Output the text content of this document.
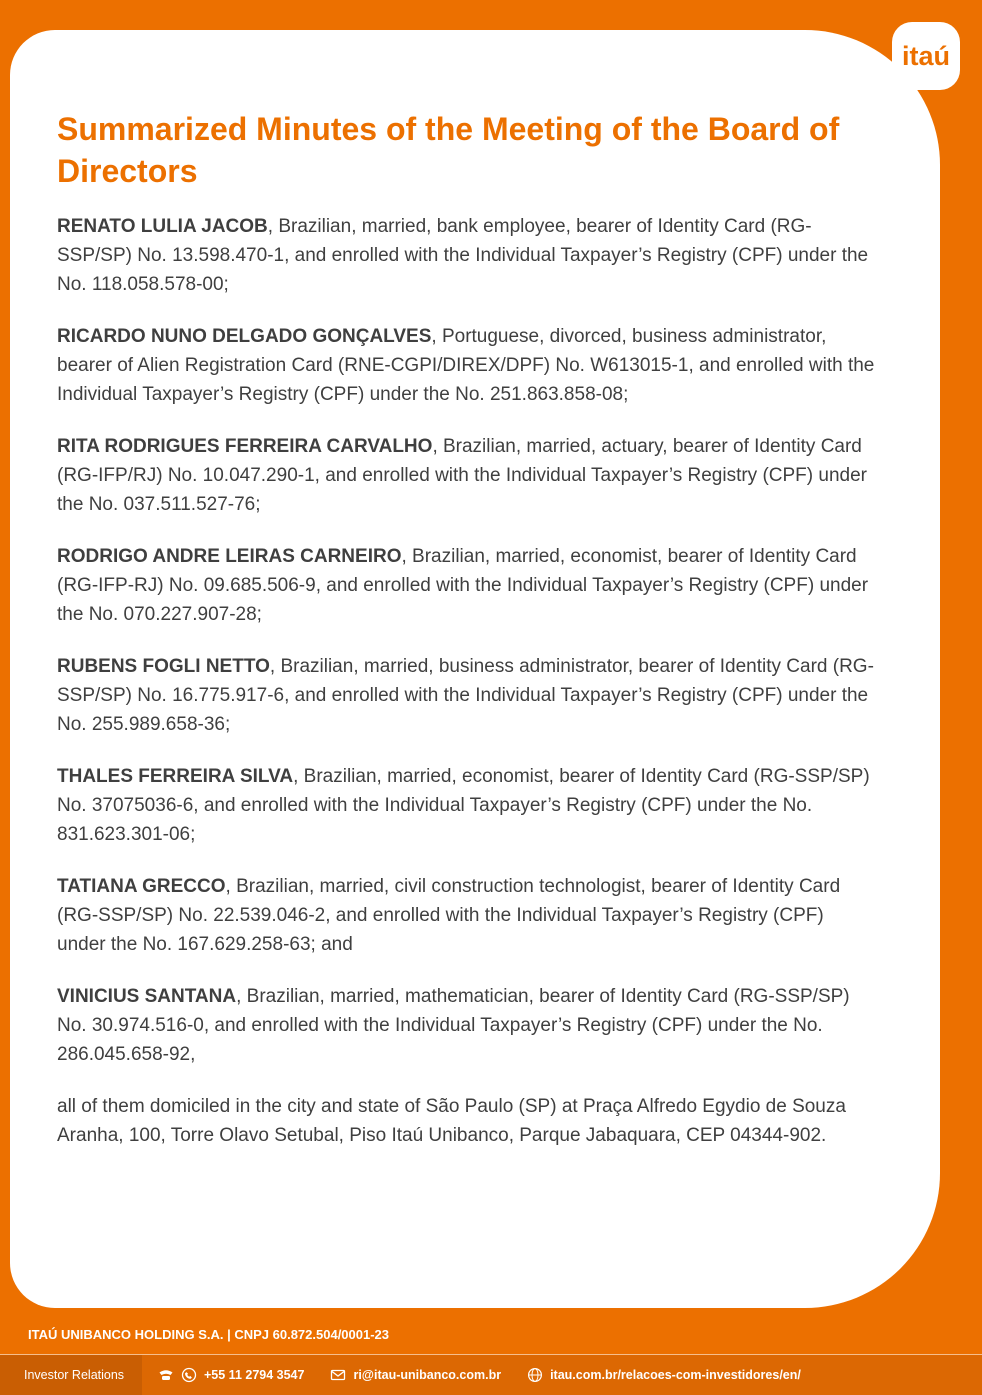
itaú
Summarized Minutes of the Meeting of the Board of Directors

RENATO LULIA JACOB, Brazilian, married, bank employee, bearer of Identity Card (RG-SSP/SP) No. 13.598.470-1, and enrolled with the Individual Taxpayer’s Registry (CPF) under the No. 118.058.578-00;

RICARDO NUNO DELGADO GONÇALVES, Portuguese, divorced, business administrator, bearer of Alien Registration Card (RNE-CGPI/DIREX/DPF) No. W613015-1, and enrolled with the Individual Taxpayer’s Registry (CPF) under the No. 251.863.858-08;

RITA RODRIGUES FERREIRA CARVALHO, Brazilian, married, actuary, bearer of Identity Card (RG-IFP/RJ) No. 10.047.290-1, and enrolled with the Individual Taxpayer’s Registry (CPF) under the No. 037.511.527-76;

RODRIGO ANDRE LEIRAS CARNEIRO, Brazilian, married, economist, bearer of Identity Card (RG-IFP-RJ) No. 09.685.506-9, and enrolled with the Individual Taxpayer’s Registry (CPF) under the No. 070.227.907-28;

RUBENS FOGLI NETTO, Brazilian, married, business administrator, bearer of Identity Card (RG-SSP/SP) No. 16.775.917-6, and enrolled with the Individual Taxpayer’s Registry (CPF) under the No. 255.989.658-36;

THALES FERREIRA SILVA, Brazilian, married, economist, bearer of Identity Card (RG-SSP/SP) No. 37075036-6, and enrolled with the Individual Taxpayer’s Registry (CPF) under the No. 831.623.301-06;

TATIANA GRECCO, Brazilian, married, civil construction technologist, bearer of Identity Card (RG-SSP/SP) No. 22.539.046-2, and enrolled with the Individual Taxpayer’s Registry (CPF) under the No. 167.629.258-63; and

VINICIUS SANTANA, Brazilian, married, mathematician, bearer of Identity Card (RG-SSP/SP) No. 30.974.516-0, and enrolled with the Individual Taxpayer’s Registry (CPF) under the No. 286.045.658-92,

all of them domiciled in the city and state of São Paulo (SP) at Praça Alfredo Egydio de Souza Aranha, 100, Torre Olavo Setubal, Piso Itaú Unibanco, Parque Jabaquara, CEP 04344-902.

ITAÚ UNIBANCO HOLDING S.A. | CNPJ 60.872.504/0001-23
Investor Relations	+55 11 2794 3547	ri@itau-unibanco.com.br	itau.com.br/relacoes-com-investidores/en/
